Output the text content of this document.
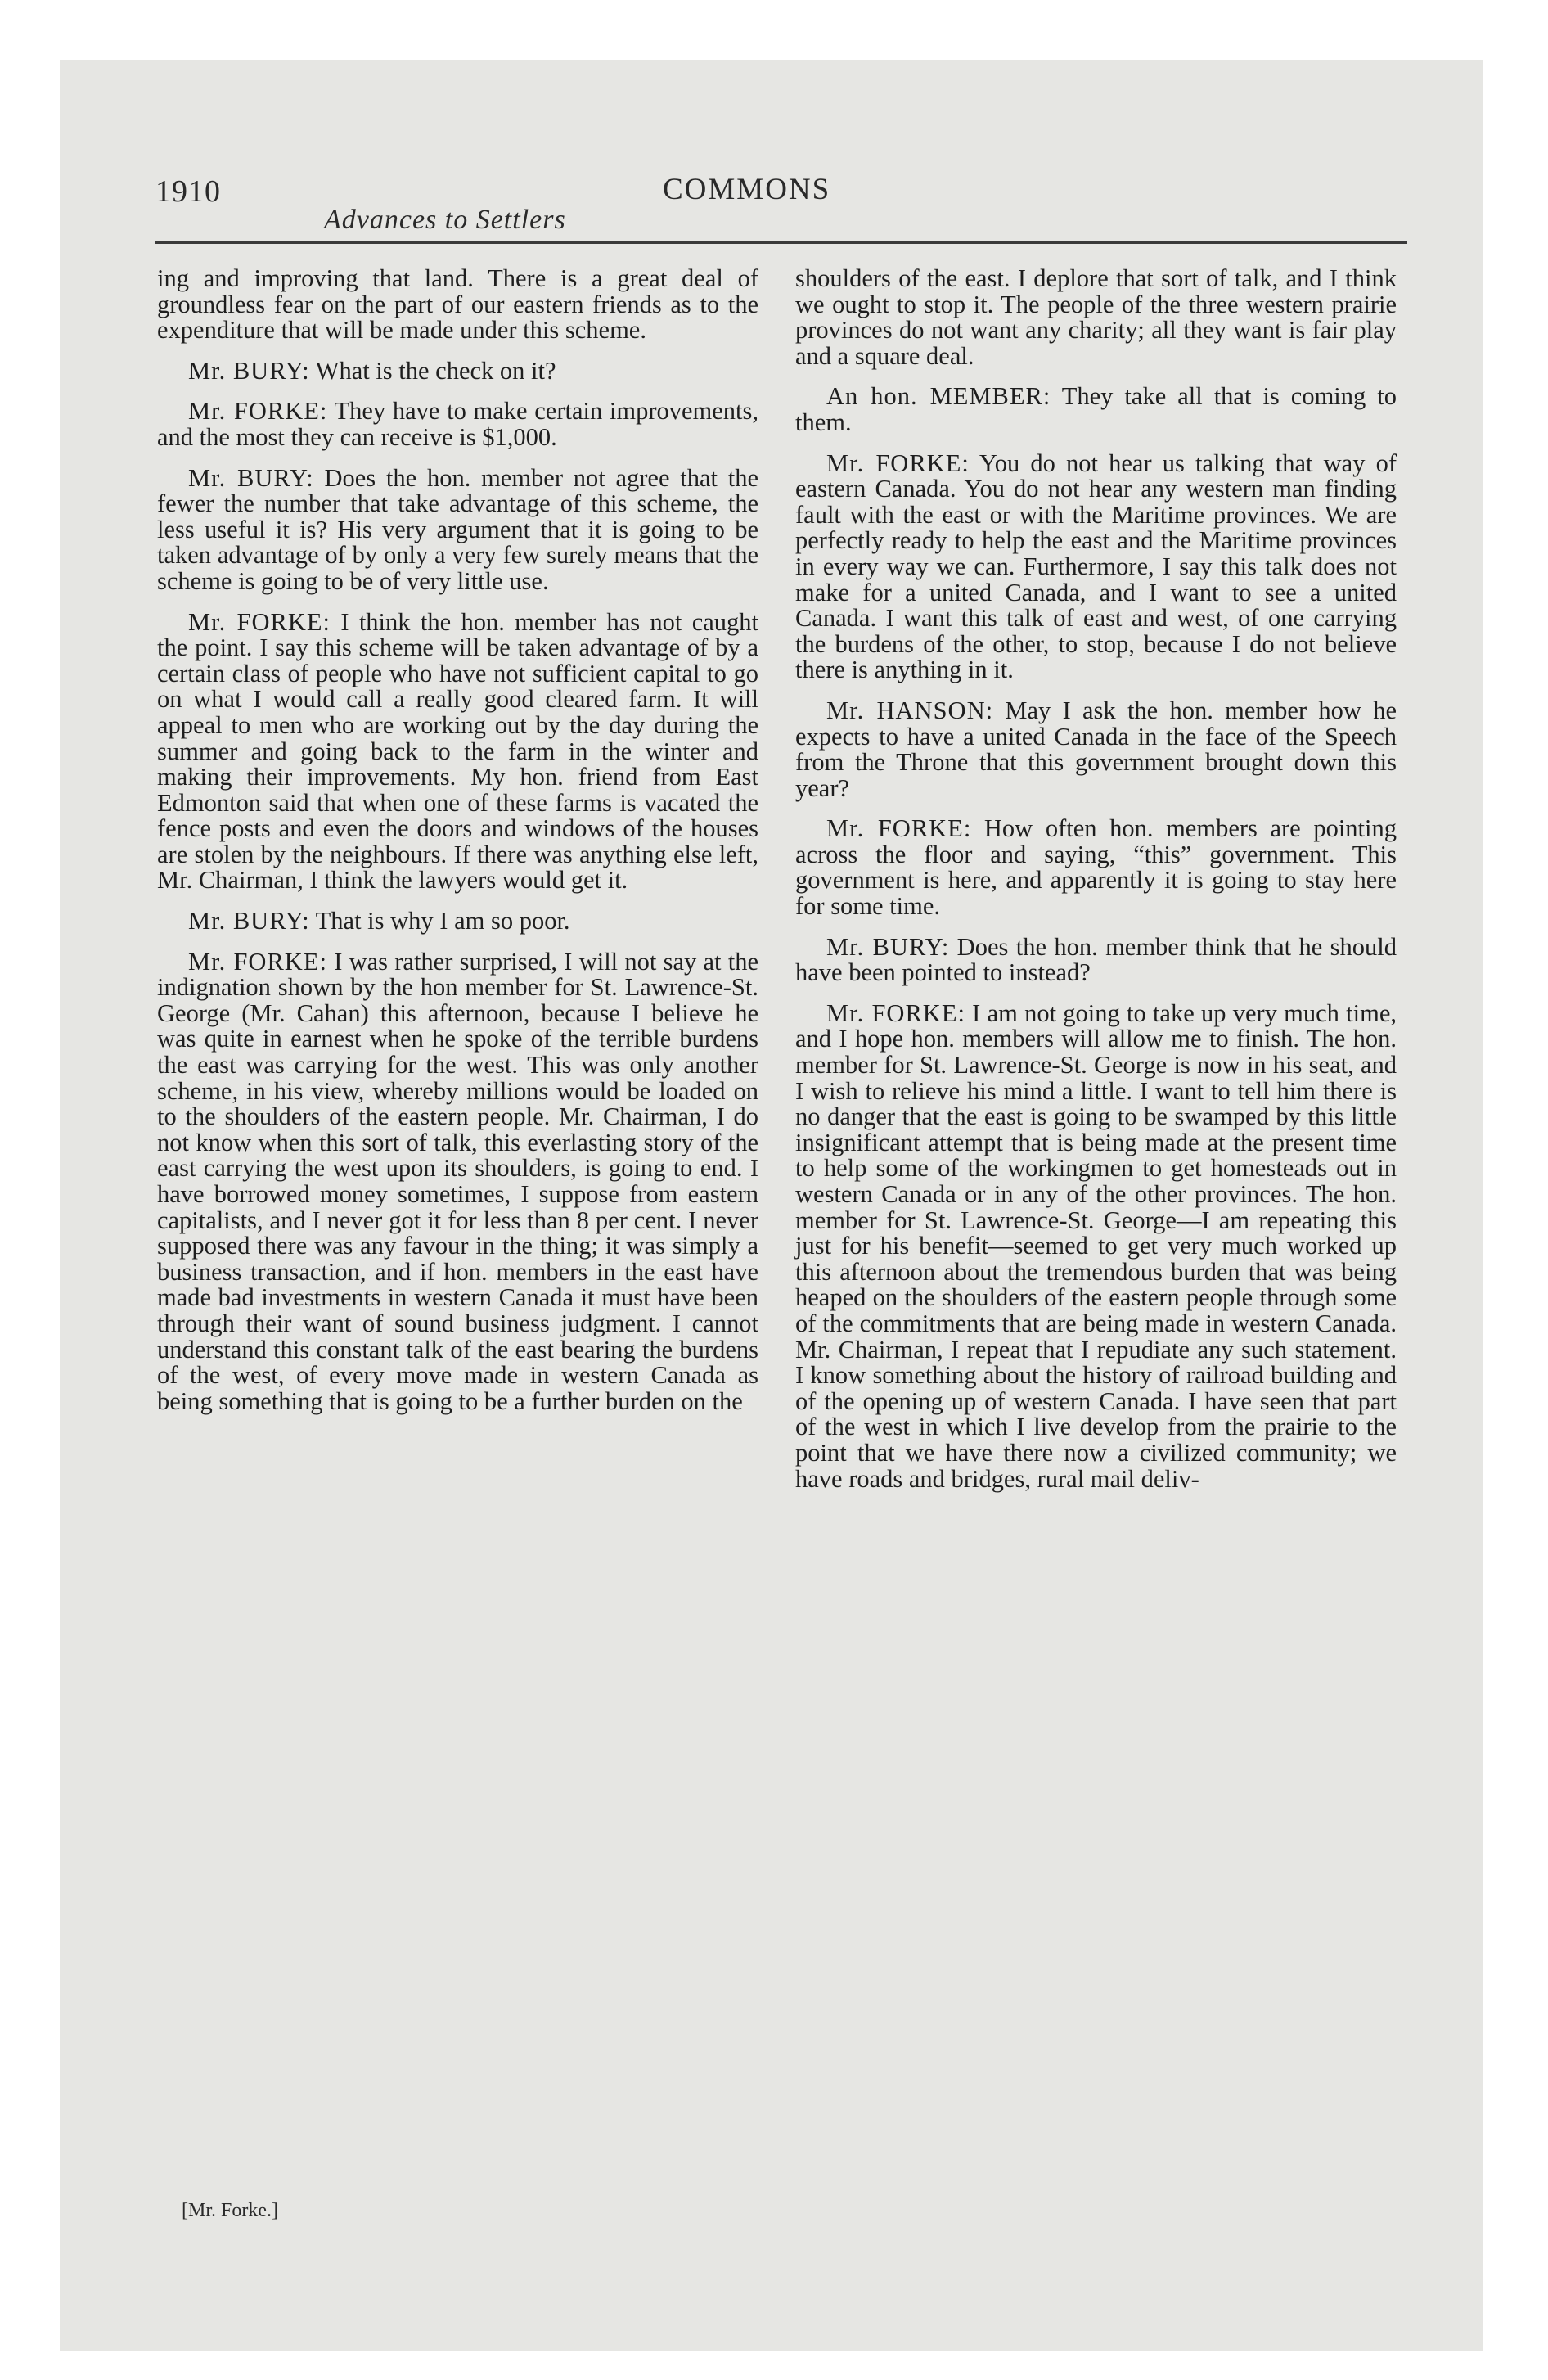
1910
Advances to Settlers
COMMONS

ing and improving that land. There is a great deal of groundless fear on the part of our eastern friends as to the expenditure that will be made under this scheme.

Mr. BURY: What is the check on it?

Mr. FORKE: They have to make certain improvements, and the most they can receive is $1,000.

Mr. BURY: Does the hon. member not agree that the fewer the number that take advantage of this scheme, the less useful it is? His very argument that it is going to be taken advantage of by only a very few surely means that the scheme is going to be of very little use.

Mr. FORKE: I think the hon. member has not caught the point. I say this scheme will be taken advantage of by a certain class of people who have not sufficient capital to go on what I would call a really good cleared farm. It will appeal to men who are working out by the day during the summer and going back to the farm in the winter and making their improvements. My hon. friend from East Edmonton said that when one of these farms is vacated the fence posts and even the doors and windows of the houses are stolen by the neighbours. If there was anything else left, Mr. Chairman, I think the lawyers would get it.

Mr. BURY: That is why I am so poor.

Mr. FORKE: I was rather surprised, I will not say at the indignation shown by the hon member for St. Lawrence-St. George (Mr. Cahan) this afternoon, because I believe he was quite in earnest when he spoke of the terrible burdens the east was carrying for the west. This was only another scheme, in his view, whereby millions would be loaded on to the shoulders of the eastern people. Mr. Chairman, I do not know when this sort of talk, this everlasting story of the east carrying the west upon its shoulders, is going to end. I have borrowed money sometimes, I suppose from eastern capitalists, and I never got it for less than 8 per cent. I never supposed there was any favour in the thing; it was simply a business transaction, and if hon. members in the east have made bad investments in western Canada it must have been through their want of sound business judgment. I cannot understand this constant talk of the east bearing the burdens of the west, of every move made in western Canada as being something that is going to be a further burden on the

shoulders of the east. I deplore that sort of talk, and I think we ought to stop it. The people of the three western prairie provinces do not want any charity; all they want is fair play and a square deal.

An hon. MEMBER: They take all that is coming to them.

Mr. FORKE: You do not hear us talking that way of eastern Canada. You do not hear any western man finding fault with the east or with the Maritime provinces. We are perfectly ready to help the east and the Maritime provinces in every way we can. Furthermore, I say this talk does not make for a united Canada, and I want to see a united Canada. I want this talk of east and west, of one carrying the burdens of the other, to stop, because I do not believe there is anything in it.

Mr. HANSON: May I ask the hon. member how he expects to have a united Canada in the face of the Speech from the Throne that this government brought down this year?

Mr. FORKE: How often hon. members are pointing across the floor and saying, “this” government. This government is here, and apparently it is going to stay here for some time.

Mr. BURY: Does the hon. member think that he should have been pointed to instead?

Mr. FORKE: I am not going to take up very much time, and I hope hon. members will allow me to finish. The hon. member for St. Lawrence-St. George is now in his seat, and I wish to relieve his mind a little. I want to tell him there is no danger that the east is going to be swamped by this little insignificant attempt that is being made at the present time to help some of the workingmen to get homesteads out in western Canada or in any of the other provinces. The hon. member for St. Lawrence-St. George—I am repeating this just for his benefit—seemed to get very much worked up this afternoon about the tremendous burden that was being heaped on the shoulders of the eastern people through some of the commitments that are being made in western Canada. Mr. Chairman, I repeat that I repudiate any such statement. I know something about the history of railroad building and of the opening up of western Canada. I have seen that part of the west in which I live develop from the prairie to the point that we have there now a civilized community; we have roads and bridges, rural mail deliv-

[Mr. Forke.]
